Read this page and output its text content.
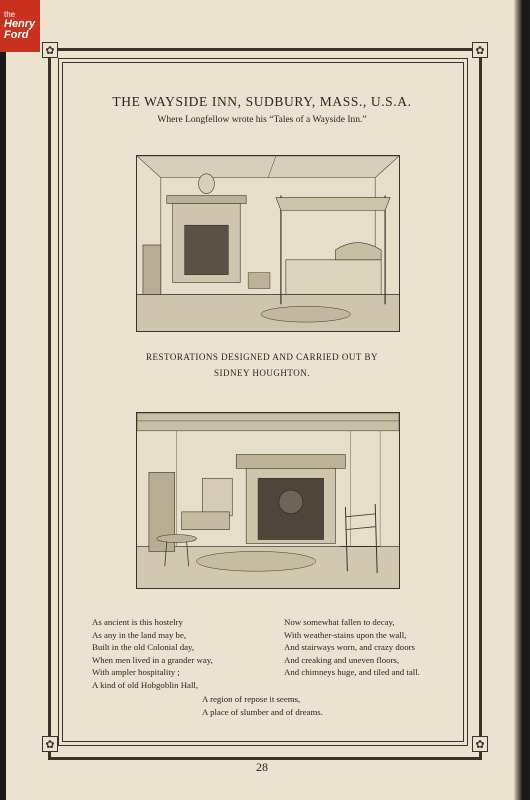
the
Henry
Ford
✿	✿
✿	✿
THE WAYSIDE INN, SUDBURY, MASS., U.S.A.
Where Longfellow wrote his “Tales of a Wayside Inn.”
RESTORATIONS DESIGNED AND CARRIED OUT BY
SIDNEY HOUGHTON.
As ancient is this hostelry
As any in the land may be,
Built in the old Colonial day,
When men lived in a grander way,
With ampler hospitality ;
A kind of old Hobgoblin Hall,
Now somewhat fallen to decay,
With weather-stains upon the wall,
And stairways worn, and crazy doors
And creaking and uneven floors,
And chimneys huge, and tiled and tall.
A region of repose it seems,
A place of slumber and of dreams.
28
